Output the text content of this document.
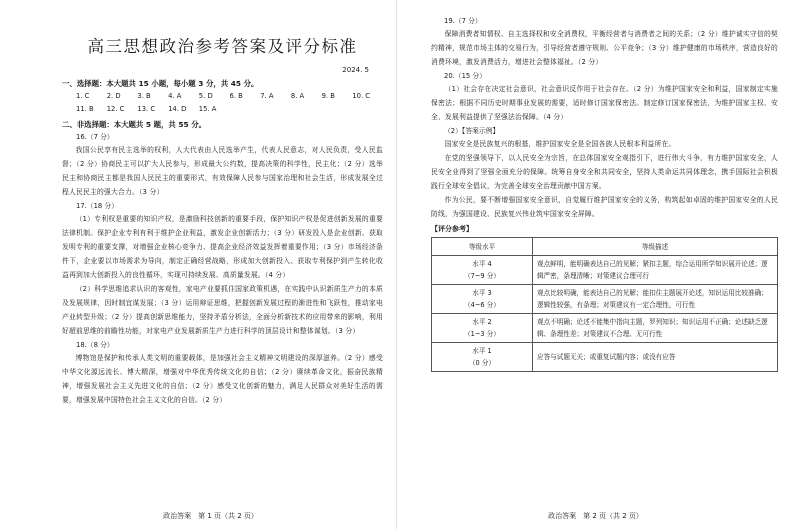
高三思想政治参考答案及评分标准
2024. 5
一、选择题：本大题共 15 小题，每小题 3 分，共 45 分。
1. C	2. D	3. B	4. A	5. D	6. B	7. A	8. A	9. B	10. C
11. B	12. C	13. C	14. D	15. A
二、非选择题：本大题共 5 题，共 55 分。
16.（7 分）

我国公民享有民主选举的权利，人大代表由人民选举产生，代表人民意志，对人民负责，受人民监督；（2 分）协商民主可以扩大人民参与，形成最大公约数，提高决策的科学性，民主化；（2 分）选举民主和协商民主都是我国人民民主的重要形式，有效保障人民参与国家治理和社会生活，形成发展全过程人民民主的强大合力。（3 分）

17.（18 分）

（1）专利权是重要的知识产权，是激励科技创新的重要手段，保护知识产权是促进创新发展的重要法律机制。保护企业专利有利于维护企业利益，激发企业创新活力；（3 分）研发投入是企业创新、获取发明专利的重要支撑，对增强企业核心竞争力、提高企业经济效益发挥着重要作用；（3 分）市场经济条件下，企业要以市场需求为导向，制定正确经营战略，形成加大创新投入、获取专利保护到产生转化收益再到加大创新投入的良性循环，实现可持续发展、高质量发展。（4 分）

（2）科学思维追求认识的客观性，家电产业要抓住国家政策机遇，在实践中认识新质生产力的本质及发展规律，因时制宜谋发展；（3 分）运用辩证思维，把握创新发展过程的渐进性和飞跃性，推动家电产业转型升级；（2 分）提高创新思维能力，坚持矛盾分析法，全面分析新技术的应用带来的影响，利用好超前思维的前瞻性功能，对家电产业发展新质生产力进行科学的顶层设计和整体谋划。（3 分）

18.（8 分）

博物馆是保护和传承人类文明的重要载体，是加强社会主义精神文明建设的深厚滋养。（2 分）感受中华文化源远流长、博大精深，增强对中华优秀传统文化的自信；（2 分）赓续革命文化，振奋民族精神，增强发展社会主义先进文化的自信；（2 分）感受文化创新的魅力，满足人民群众对美好生活的需要，增强发展中国特色社会主义文化的自信。（2 分）

政治答案　第 1 页（共 2 页）
19.（7 分）

保障消费者知情权、自主选择权和安全消费权，平衡经营者与消费者之间的关系；（2 分）维护诚实守信的契约精神，规范市场主体的交易行为，引导经营者遵守规则、公平竞争；（3 分）维护健康的市场秩序，营造良好的消费环境，激发消费活力，增进社会整体福祉。（2 分）

20.（15 分）

（1）社会存在决定社会意识，社会意识反作用于社会存在。（2 分）为维护国家安全和利益，国家制定实施保密法；根据不同历史时期事业发展的需要，适时修订国家保密法。制定修订国家保密法，为维护国家主权、安全、发展利益提供了坚强法治保障。（4 分）

（2）【答案示例】

国家安全是民族复兴的根基，维护国家安全是全国各族人民根本利益所在。

在党的坚强领导下，以人民安全为宗旨，在总体国家安全观指引下，进行伟大斗争，有力维护国家安全，人民安全业得到了坚强全面充分的保障。统筹自身安全和共同安全，坚持人类命运共同体理念，携手国际社会积极践行全球安全倡议，为完善全球安全治理贡献中国方案。

作为公民，要不断增强国家安全意识，自觉履行维护国家安全的义务，构筑起如卓固的维护国家安全的人民防线，为强国建设、民族复兴伟业筑牢国家安全屏障。

【评分参考】
等级水平	等级描述

水平 4
（7~9 分）	观点鲜明，能明确表达自己的见解；紧扣主题，综合运用所学知识展开论述；逻辑严密，条理清晰；对策建议合理可行

水平 3
（4~6 分）	观点比较明确，能表达自己的见解；能扣住主题展开论述，知识运用比较准确；逻辑性较强，有条理；对策建议有一定合理性，可行性

水平 2
（1~3 分）	观点不明确；论述不能集中指向主题，罗列知识；知识运用不正确；论述缺乏逻辑、条理性差；对策建议不合理、无可行性

水平 1
（0 分）	应答与试题无关；或重复试题内容；或没有应答
政治答案　第 2 页（共 2 页）
